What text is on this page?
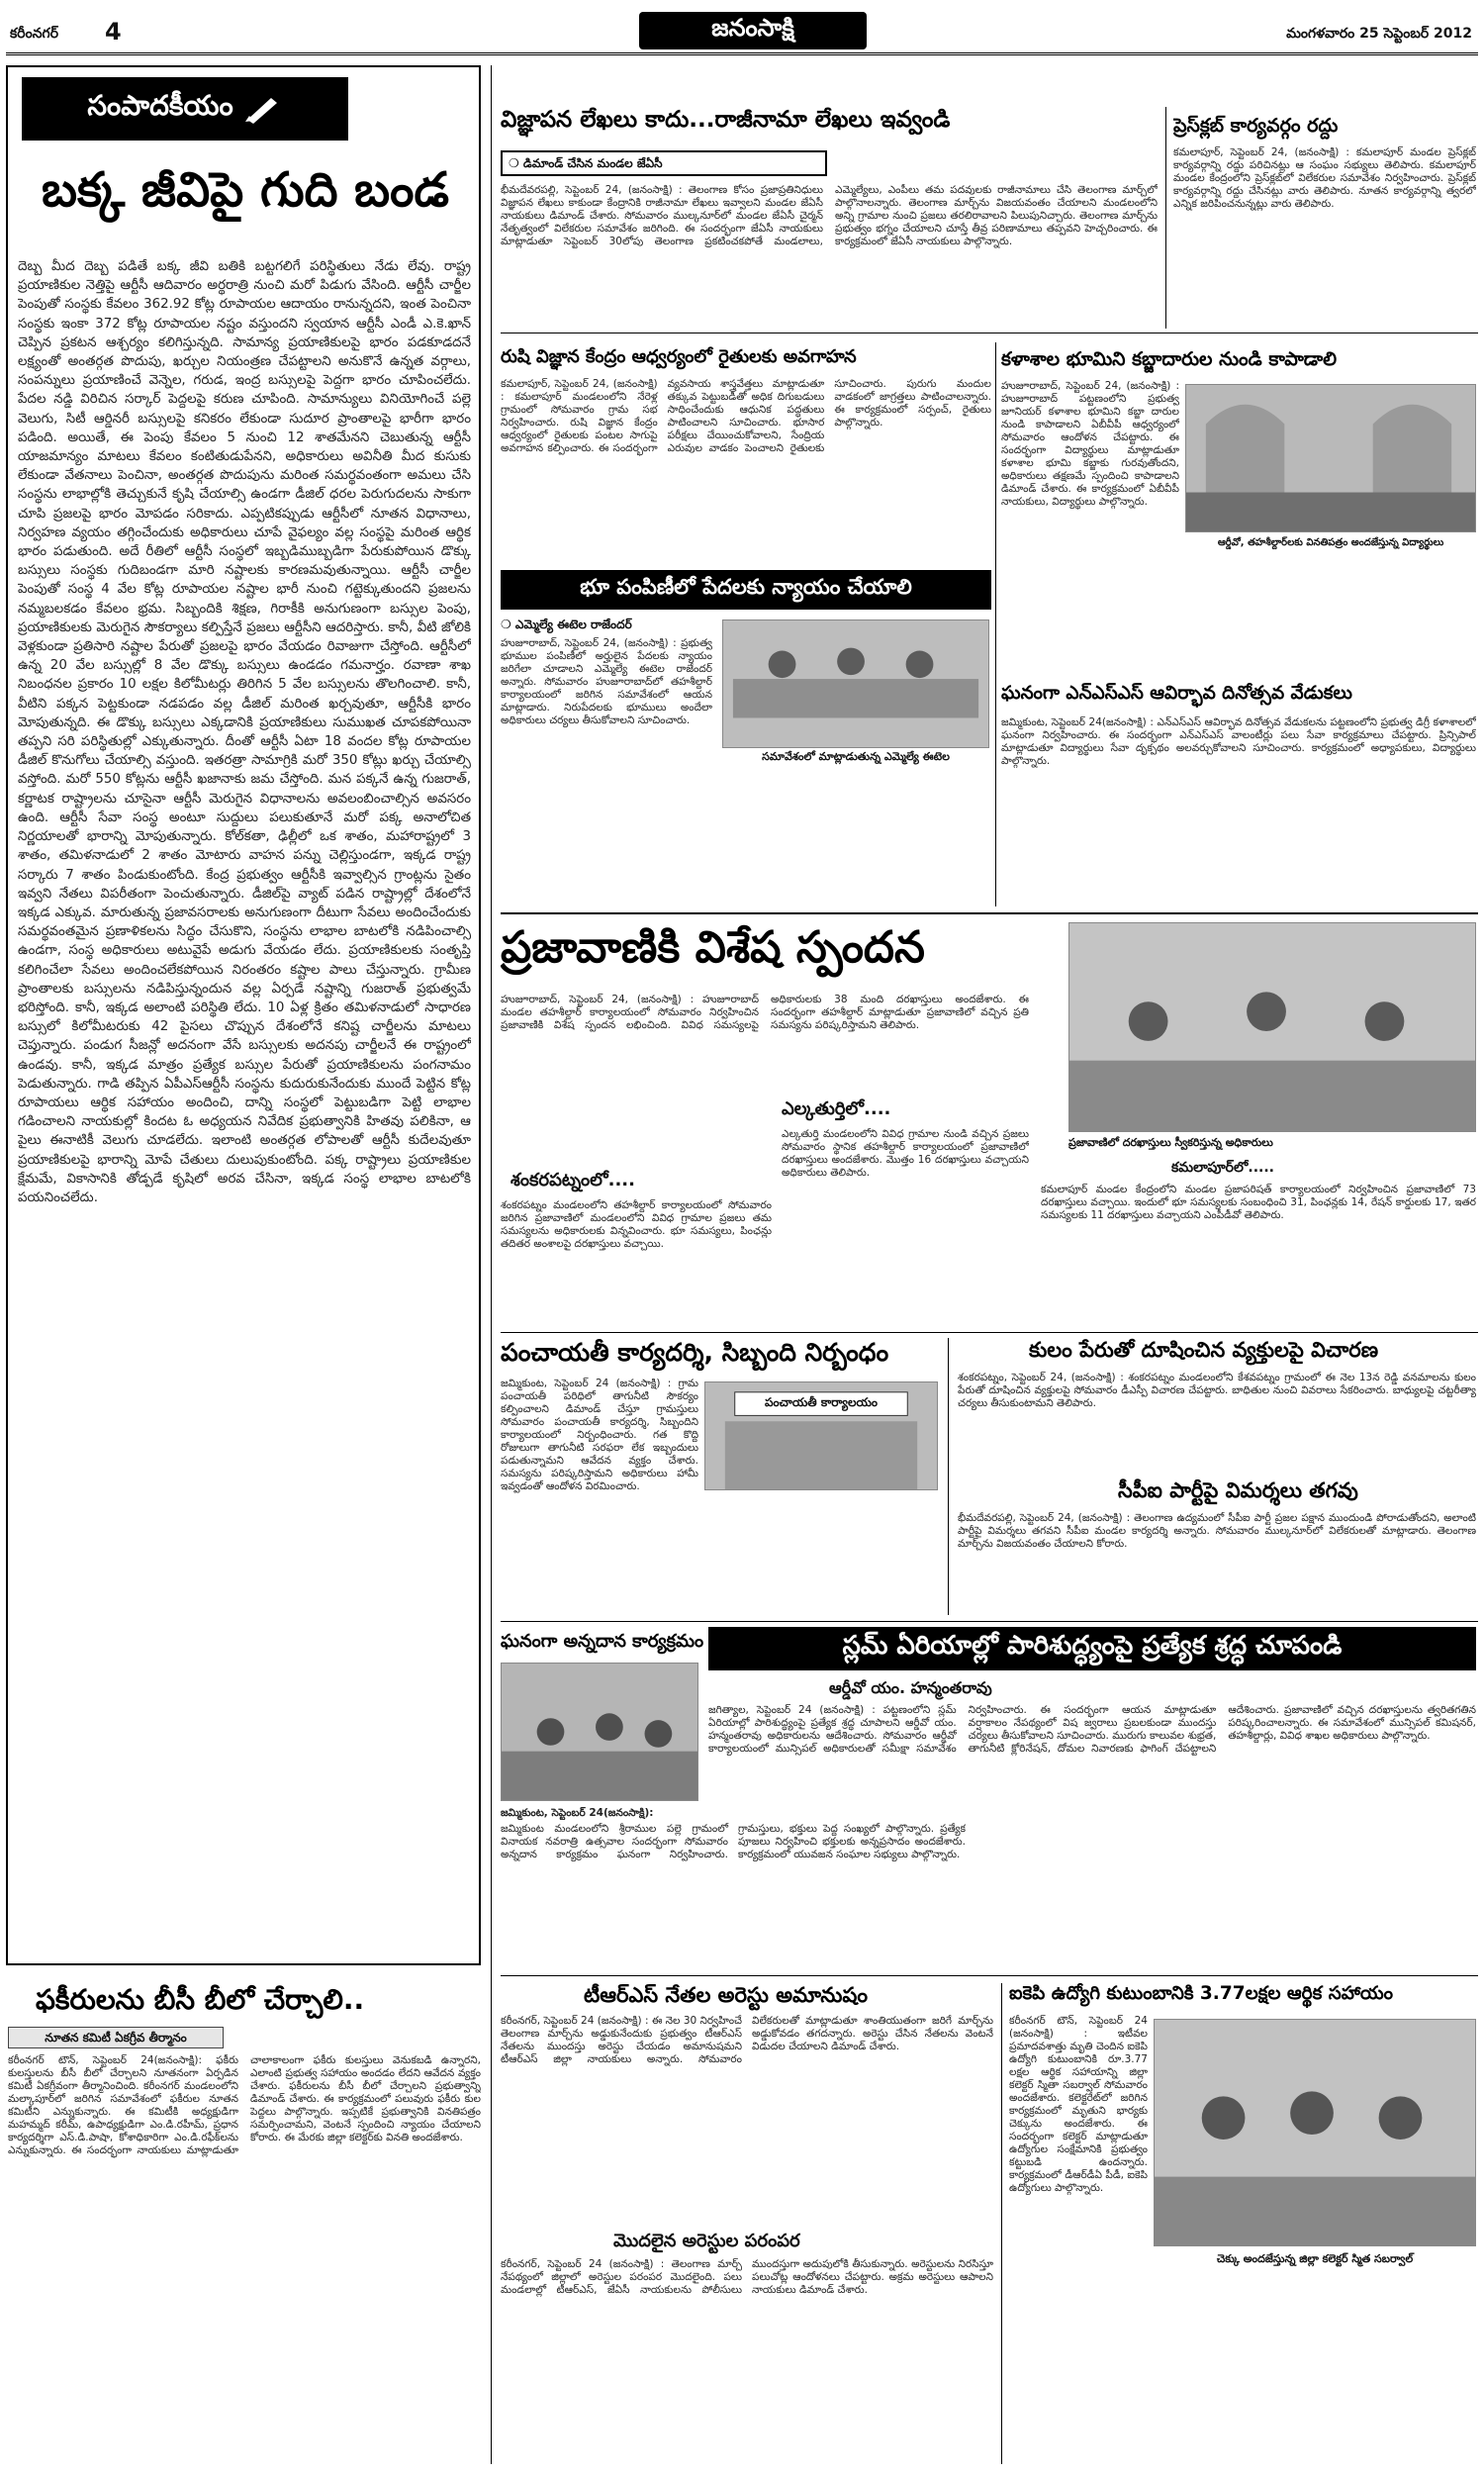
కరీంనగర్ 4	జనంసాక్షి	మంగళవారం 25 సెప్టెంబర్ 2012
సంపాదకీయం
బక్క జీవిపై గుది బండ
దెబ్బ మీద దెబ్బ పడితే బక్క జీవి బతికి బట్టగలిగే పరిస్థితులు నేడు లేవు. రాష్ట్ర ప్రయాణికుల నెత్తిపై ఆర్టీసీ ఆదివారం అర్థరాత్రి నుంచి మరో పిడుగు వేసింది. ఆర్టీసీ చార్జీల పెంపుతో సంస్థకు కేవలం 362.92 కోట్ల రూపాయల ఆదాయం రానున్నదని, ఇంత పెంచినా సంస్థకు ఇంకా 372 కోట్ల రూపాయల నష్టం వస్తుందని స్వయాన ఆర్టీసీ ఎండీ ఎ.కె.ఖాన్ చెప్పిన ప్రకటన ఆశ్చర్యం కలిగిస్తున్నది. సామాన్య ప్రయాణికులపై భారం పడకూడదనే లక్ష్యంతో అంతర్గత పొదుపు, ఖర్చుల నియంత్రణ చేపట్టాలని అనుకొనే ఉన్నత వర్గాలు, సంపన్నులు ప్రయాణించే వెన్నెల, గరుడ, ఇంద్ర బస్సులపై పెద్దగా భారం చూపించలేదు. పేదల నడ్డి విరిచిన సర్కార్ పెద్దలపై కరుణ చూపింది. సామాన్యులు వినియోగించే పల్లె వెలుగు, సిటీ ఆర్డినరీ బస్సులపై కనికరం లేకుండా సుదూర ప్రాంతాలపై భారీగా భారం పడింది. అయితే, ఈ పెంపు కేవలం 5 నుంచి 12 శాతమేనని చెబుతున్న ఆర్టీసీ యాజమాన్యం మాటలు కేవలం కంటితుడుపేనని, అధికారులు అవినీతి మీద కుసుకు లేకుండా వేతనాలు పెంచినా, అంతర్గత పొదుపును మరింత సమర్థవంతంగా అమలు చేసి సంస్థను లాభాల్లోకి తెచ్చుకునే కృషి చేయాల్సి ఉండగా డీజిల్ ధరల పెరుగుదలను సాకుగా చూపి ప్రజలపై భారం మోపడం సరికాదు. ఎప్పటికప్పుడు ఆర్టీసీలో నూతన విధానాలు, నిర్వహణ వ్యయం తగ్గించేందుకు అధికారులు చూపే వైఫల్యం వల్ల సంస్థపై మరింత ఆర్థిక భారం పడుతుంది. అదే రీతిలో ఆర్టీసీ సంస్థలో ఇబ్బడిముబ్బడిగా పేరుకుపోయిన డొక్కు బస్సులు సంస్థకు గుదిబండగా మారి నష్టాలకు కారణమవుతున్నాయి. ఆర్టీసీ చార్జీల పెంపుతో సంస్థ 4 వేల కోట్ల రూపాయల నష్టాల భారీ నుంచి గట్టెక్కుతుందని ప్రజలను నమ్మబలకడం కేవలం భ్రమ. సిబ్బందికి శిక్షణ, గిరాకీకి అనుగుణంగా బస్సుల పెంపు, ప్రయాణికులకు మెరుగైన సౌకర్యాలు కల్పిస్తేనే ప్రజలు ఆర్టీసీని ఆదరిస్తారు. కానీ, వీటి జోలికి వెళ్లకుండా ప్రతిసారి నష్టాల పేరుతో ప్రజలపై భారం వేయడం రివాజుగా చేస్తోంది. ఆర్టీసీలో ఉన్న 20 వేల బస్సుల్లో 8 వేల డొక్కు బస్సులు ఉండడం గమనార్హం. రవాణా శాఖ నిబంధనల ప్రకారం 10 లక్షల కిలోమీటర్లు తిరిగిన 5 వేల బస్సులను తొలగించాలి. కానీ, వీటిని పక్కన పెట్టకుండా నడపడం వల్ల డీజిల్ మరింత ఖర్చవుతూ, ఆర్టీసీకి భారం మోపుతున్నది. ఈ డొక్కు బస్సులు ఎక్కడానికి ప్రయాణికులు సుముఖత చూపకపోయినా తప్పని సరి పరిస్థితుల్లో ఎక్కుతున్నారు. దీంతో ఆర్టీసీ ఏటా 18 వందల కోట్ల రూపాయల డీజిల్ కొనుగోలు చేయాల్సి వస్తుంది. ఇతరత్రా సామాగ్రికి మరో 350 కోట్లు ఖర్చు చేయాల్సి వస్తోంది. మరో 550 కోట్లను ఆర్టీసీ ఖజానాకు జమ చేస్తోంది. మన పక్కనే ఉన్న గుజరాత్, కర్ణాటక రాష్ట్రాలను చూసైనా ఆర్టీసీ మెరుగైన విధానాలను అవలంబించాల్సిన అవసరం ఉంది. ఆర్టీసీ సేవా సంస్థ అంటూ సుద్దులు పలుకుతూనే మరో పక్క అనాలోచిత నిర్ణయాలతో భారాన్ని మోపుతున్నారు. కోల్‌కతా, ఢిల్లీలో ఒక శాతం, మహారాష్ట్రలో 3 శాతం, తమిళనాడులో 2 శాతం మోటారు వాహన పన్ను చెల్లిస్తుండగా, ఇక్కడ రాష్ట్ర సర్కారు 7 శాతం పిండుకుంటోంది. కేంద్ర ప్రభుత్వం ఆర్టీసీకి ఇవ్వాల్సిన గ్రాంట్లను సైతం ఇవ్వని నేతలు విపరీతంగా పెంచుతున్నారు. డీజిల్‌పై వ్యాట్ పడిన రాష్ట్రాల్లో దేశంలోనే ఇక్కడ ఎక్కువ. మారుతున్న ప్రజావసరాలకు అనుగుణంగా దీటుగా సేవలు అందించేందుకు సమర్థవంతమైన ప్రణాళికలను సిద్ధం చేసుకొని, సంస్థను లాభాల బాటలోకి నడిపించాల్సి ఉండగా, సంస్థ అధికారులు అటువైపే అడుగు వేయడం లేదు. ప్రయాణికులకు సంతృప్తి కలిగించేలా సేవలు అందించలేకపోయిన నిరంతరం కష్టాల పాలు చేస్తున్నారు. గ్రామీణ ప్రాంతాలకు బస్సులను నడిపిస్తున్నందున వల్ల ఏర్పడే నష్టాన్ని గుజరాత్ ప్రభుత్వమే భరిస్తోంది. కానీ, ఇక్కడ అలాంటి పరిస్థితి లేదు. 10 ఏళ్ల క్రితం తమిళనాడులో సాధారణ బస్సులో కిలోమీటరుకు 42 పైసలు చొప్పున దేశంలోనే కనిష్ట చార్జీలను మాటలు చెప్తున్నారు. పండుగ సీజన్లో అదనంగా వేసే బస్సులకు అదనపు చార్జీలనే ఈ రాష్ట్రంలో ఉండవు. కానీ, ఇక్కడ మాత్రం ప్రత్యేక బస్సుల పేరుతో ప్రయాణికులను పంగనామం పెడుతున్నారు. గాడి తప్పిన ఏపీఎస్ఆర్టీసీ సంస్థను కుదురుకునేందుకు ముందే పెట్టిన కోట్ల రూపాయలు ఆర్థిక సహాయం అందించి, దాన్ని సంస్థలో పెట్టుబడిగా పెట్టి లాభాల గడించాలని నాయకుల్లో కిందట ఓ అధ్యయన నివేదిక ప్రభుత్వానికి హితవు పలికినా, ఆ పైలు ఈనాటికీ వెలుగు చూడలేదు. ఇలాంటి అంతర్గత లోపాలతో ఆర్టీసీ కుదేలవుతూ ప్రయాణికులపై భారాన్ని మోపే చేతులు దులుపుకుంటోంది. పక్క రాష్ట్రాలు ప్రయాణికుల క్షేమమే, వికాసానికి తోడ్పడే కృషిలో అరవ చేసినా, ఇక్కడ సంస్థ లాభాల బాటలోకి పయనించలేదు.
ఫకీరులను బీసీ బీలో చేర్చాలి..
నూతన కమిటీ ఏకగ్రీవ తీర్మానం
కరీంనగర్ టౌన్, సెప్టెంబర్ 24(జనంసాక్షి): ఫకీరు కులస్తులను బీసీ బీలో చేర్చాలని నూతనంగా ఏర్పడిన కమిటీ ఏకగ్రీవంగా తీర్మానించింది. కరీంనగర్ మండలంలోని మల్కాపూర్‌లో జరిగిన సమావేశంలో ఫకీరుల నూతన కమిటీని ఎన్నుకున్నారు. ఈ కమిటీకి అధ్యక్షుడిగా మహమ్మద్ కరీమ్, ఉపాధ్యక్షుడిగా ఎం.డి.రహీమ్, ప్రధాన కార్యదర్శిగా ఎస్.డి.పాషా, కోశాధికారిగా ఎం.డి.రఫీక్‌లను ఎన్నుకున్నారు. ఈ సందర్భంగా నాయకులు మాట్లాడుతూ చాలాకాలంగా ఫకీరు కులస్తులు వెనుకబడి ఉన్నారని, ఎలాంటి ప్రభుత్వ సహాయం అందడం లేదని ఆవేదన వ్యక్తం చేశారు. ఫకీరులను బీసీ బీలో చేర్చాలని ప్రభుత్వాన్ని డిమాండ్ చేశారు. ఈ కార్యక్రమంలో పలువురు ఫకీరు కుల పెద్దలు పాల్గొన్నారు. ఇప్పటికే ప్రభుత్వానికి వినతిపత్రం సమర్పించామని, వెంటనే స్పందించి న్యాయం చేయాలని కోరారు. ఈ మేరకు జిల్లా కలెక్టర్‌కు వినతి అందజేశారు.
విజ్ఞాపన లేఖలు కాదు...రాజీనామా లేఖలు ఇవ్వండి
❍ డిమాండ్ చేసిన మండల జేఏసీ
భీమదేవరపల్లి, సెప్టెంబర్ 24, (జనంసాక్షి) : తెలంగాణ కోసం ప్రజాప్రతినిధులు విజ్ఞాపన లేఖలు కాకుండా కేంద్రానికి రాజీనామా లేఖలు ఇవ్వాలని మండల జేఏసీ నాయకులు డిమాండ్ చేశారు. సోమవారం ముల్కనూర్‌లో మండల జేఏసీ చైర్మన్ నేతృత్వంలో విలేకరుల సమావేశం జరిగింది. ఈ సందర్భంగా జేఏసీ నాయకులు మాట్లాడుతూ సెప్టెంబర్ 30లోపు తెలంగాణ ప్రకటించకపోతే మండలాలు, ఎమ్మెల్యేలు, ఎంపీలు తమ పదవులకు రాజీనామాలు చేసి తెలంగాణ మార్చ్‌లో పాల్గొనాలన్నారు. తెలంగాణ మార్చ్‌ను విజయవంతం చేయాలని మండలంలోని అన్ని గ్రామాల నుంచి ప్రజలు తరలిరావాలని పిలుపునిచ్చారు. తెలంగాణ మార్చ్‌ను ప్రభుత్వం భగ్నం చేయాలని చూస్తే తీవ్ర పరిణామాలు తప్పవని హెచ్చరించారు. ఈ కార్యక్రమంలో జేఏసీ నాయకులు పాల్గొన్నారు.
ప్రెస్‌క్లబ్ కార్యవర్గం రద్దు
కమలాపూర్, సెప్టెంబర్ 24, (జనంసాక్షి) : కమలాపూర్ మండల ప్రెస్‌క్లబ్ కార్యవర్గాన్ని రద్దు పరిచినట్లు ఆ సంఘం సభ్యులు తెలిపారు. కమలాపూర్ మండల కేంద్రంలోని ప్రెస్‌క్లబ్‌లో విలేకరుల సమావేశం నిర్వహించారు. ప్రెస్‌క్లబ్ కార్యవర్గాన్ని రద్దు చేసినట్లు వారు తెలిపారు. నూతన కార్యవర్గాన్ని త్వరలో ఎన్నిక జరిపించనున్నట్లు వారు తెలిపారు.
రుషి విజ్ఞాన కేంద్రం ఆధ్వర్యంలో రైతులకు అవగాహన
కమలాపూర్, సెప్టెంబర్ 24, (జనంసాక్షి) : కమలాపూర్ మండలంలోని నేరెళ్ల గ్రామంలో సోమవారం గ్రామ సభ నిర్వహించారు. రుషి విజ్ఞాన కేంద్రం ఆధ్వర్యంలో రైతులకు పంటల సాగుపై అవగాహన కల్పించారు. ఈ సందర్భంగా వ్యవసాయ శాస్త్రవేత్తలు మాట్లాడుతూ తక్కువ పెట్టుబడితో అధిక దిగుబడులు సాధించేందుకు ఆధునిక పద్ధతులు పాటించాలని సూచించారు. భూసార పరీక్షలు చేయించుకోవాలని, సేంద్రియ ఎరువుల వాడకం పెంచాలని రైతులకు సూచించారు. పురుగు మందుల వాడకంలో జాగ్రత్తలు పాటించాలన్నారు. ఈ కార్యక్రమంలో సర్పంచ్, రైతులు పాల్గొన్నారు.
భూ పంపిణీలో పేదలకు న్యాయం చేయాలి
❍ ఎమ్మెల్యే ఈటెల రాజేందర్
హుజూరాబాద్, సెప్టెంబర్ 24, (జనంసాక్షి) : ప్రభుత్వ భూముల పంపిణీలో అర్హులైన పేదలకు న్యాయం జరిగేలా చూడాలని ఎమ్మెల్యే ఈటెల రాజేందర్ అన్నారు. సోమవారం హుజూరాబాద్‌లో తహశీల్దార్ కార్యాలయంలో జరిగిన సమావేశంలో ఆయన మాట్లాడారు. నిరుపేదలకు భూములు అందేలా అధికారులు చర్యలు తీసుకోవాలని సూచించారు.
సమావేశంలో మాట్లాడుతున్న ఎమ్మెల్యే ఈటెల
కళాశాల భూమిని కబ్జాదారుల నుండి కాపాడాలి
హుజూరాబాద్, సెప్టెంబర్ 24, (జనంసాక్షి) : హుజూరాబాద్ పట్టణంలోని ప్రభుత్వ జూనియర్ కళాశాల భూమిని కబ్జా దారుల నుండి కాపాడాలని ఏబీవీపీ ఆధ్వర్యంలో సోమవారం ఆందోళన చేపట్టారు. ఈ సందర్భంగా విద్యార్థులు మాట్లాడుతూ కళాశాల భూమి కబ్జాకు గురవుతోందని, అధికారులు తక్షణమే స్పందించి కాపాడాలని డిమాండ్ చేశారు. ఈ కార్యక్రమంలో ఏబీవీపీ నాయకులు, విద్యార్థులు పాల్గొన్నారు.
ఆర్డీవో, తహశీల్దార్‌లకు వినతిపత్రం అందజేస్తున్న విద్యార్థులు
ఘనంగా ఎన్‌ఎస్‌ఎస్ ఆవిర్భావ దినోత్సవ వేడుకలు
జమ్మికుంట, సెప్టెంబర్ 24(జనంసాక్షి) : ఎన్‌ఎస్‌ఎస్ ఆవిర్భావ దినోత్సవ వేడుకలను పట్టణంలోని ప్రభుత్వ డిగ్రీ కళాశాలలో ఘనంగా నిర్వహించారు. ఈ సందర్భంగా ఎన్‌ఎస్‌ఎస్ వాలంటీర్లు పలు సేవా కార్యక్రమాలు చేపట్టారు. ప్రిన్సిపాల్ మాట్లాడుతూ విద్యార్థులు సేవా దృక్పథం అలవర్చుకోవాలని సూచించారు. కార్యక్రమంలో అధ్యాపకులు, విద్యార్థులు పాల్గొన్నారు.
ప్రజావాణికి విశేష స్పందన
హుజూరాబాద్, సెప్టెంబర్ 24, (జనంసాక్షి) : హుజూరాబాద్ మండల తహశీల్దార్ కార్యాలయంలో సోమవారం నిర్వహించిన ప్రజావాణికి విశేష స్పందన లభించింది. వివిధ సమస్యలపై అధికారులకు 38 మంది దరఖాస్తులు అందజేశారు. ఈ సందర్భంగా తహశీల్దార్ మాట్లాడుతూ ప్రజావాణిలో వచ్చిన ప్రతి సమస్యను పరిష్కరిస్తామని తెలిపారు.
ఎల్కతుర్తిలో....
ఎల్కతుర్తి మండలంలోని వివిధ గ్రామాల నుండి వచ్చిన ప్రజలు సోమవారం స్థానిక తహశీల్దార్ కార్యాలయంలో ప్రజావాణిలో దరఖాస్తులు అందజేశారు. మొత్తం 16 దరఖాస్తులు వచ్చాయని అధికారులు తెలిపారు.
శంకరపట్నంలో....
శంకరపట్నం మండలంలోని తహశీల్దార్ కార్యాలయంలో సోమవారం జరిగిన ప్రజావాణిలో మండలంలోని వివిధ గ్రామాల ప్రజలు తమ సమస్యలను అధికారులకు విన్నవించారు. భూ సమస్యలు, పింఛన్లు తదితర అంశాలపై దరఖాస్తులు వచ్చాయి.
ప్రజావాణిలో దరఖాస్తులు స్వీకరిస్తున్న అధికారులు
కమలాపూర్‌లో.....
కమలాపూర్ మండల కేంద్రంలోని మండల ప్రజాపరిషత్ కార్యాలయంలో నిర్వహించిన ప్రజావాణిలో 73 దరఖాస్తులు వచ్చాయి. ఇందులో భూ సమస్యలకు సంబంధించి 31, పింఛన్లకు 14, రేషన్ కార్డులకు 17, ఇతర సమస్యలకు 11 దరఖాస్తులు వచ్చాయని ఎంపీడీవో తెలిపారు.
పంచాయతీ కార్యదర్శి, సిబ్బంది నిర్బంధం
జమ్మికుంట, సెప్టెంబర్ 24 (జనంసాక్షి) : గ్రామ పంచాయతీ పరిధిలో తాగునీటి సౌకర్యం కల్పించాలని డిమాండ్ చేస్తూ గ్రామస్తులు సోమవారం పంచాయతీ కార్యదర్శి, సిబ్బందిని కార్యాలయంలో నిర్బంధించారు. గత కొద్ది రోజులుగా తాగునీటి సరఫరా లేక ఇబ్బందులు పడుతున్నామని ఆవేదన వ్యక్తం చేశారు. సమస్యను పరిష్కరిస్తామని అధికారులు హామీ ఇవ్వడంతో ఆందోళన విరమించారు.
పంచాయతీ కార్యాలయం
కులం పేరుతో దూషించిన వ్యక్తులపై విచారణ
శంకరపట్నం, సెప్టెంబర్ 24, (జనంసాక్షి) : శంకరపట్నం మండలంలోని కేశవపట్నం గ్రామంలో ఈ నెల 13న రెడ్డి వనమాలను కులం పేరుతో దూషించిన వ్యక్తులపై సోమవారం డీఎస్పీ విచారణ చేపట్టారు. బాధితుల నుంచి వివరాలు సేకరించారు. బాధ్యులపై చట్టరీత్యా చర్యలు తీసుకుంటామని తెలిపారు.
సీపీఐ పార్టీపై విమర్శలు తగవు
భీమదేవరపల్లి, సెప్టెంబర్ 24, (జనంసాక్షి) : తెలంగాణ ఉద్యమంలో సీపీఐ పార్టీ ప్రజల పక్షాన ముందుండి పోరాడుతోందని, అలాంటి పార్టీపై విమర్శలు తగవని సీపీఐ మండల కార్యదర్శి అన్నారు. సోమవారం ముల్కనూర్‌లో విలేకరులతో మాట్లాడారు. తెలంగాణ మార్చ్‌ను విజయవంతం చేయాలని కోరారు.
ఘనంగా అన్నదాన కార్యక్రమం
జమ్మికుంట, సెప్టెంబర్ 24(జనంసాక్షి):
జమ్మికుంట మండలంలోని శ్రీరాముల పల్లె గ్రామంలో వినాయక నవరాత్రి ఉత్సవాల సందర్భంగా సోమవారం అన్నదాన కార్యక్రమం ఘనంగా నిర్వహించారు. గ్రామస్తులు, భక్తులు పెద్ద సంఖ్యలో పాల్గొన్నారు. ప్రత్యేక పూజలు నిర్వహించి భక్తులకు అన్నప్రసాదం అందజేశారు. కార్యక్రమంలో యువజన సంఘాల సభ్యులు పాల్గొన్నారు.
స్లమ్ ఏరియాల్లో పారిశుద్ధ్యంపై ప్రత్యేక శ్రద్ధ చూపండి
ఆర్డీవో యం. హన్మంతరావు
జగిత్యాల, సెప్టెంబర్ 24 (జనంసాక్షి) : పట్టణంలోని స్లమ్ ఏరియాల్లో పారిశుద్ధ్యంపై ప్రత్యేక శ్రద్ధ చూపాలని ఆర్డీవో యం. హన్మంతరావు అధికారులను ఆదేశించారు. సోమవారం ఆర్డీవో కార్యాలయంలో మున్సిపల్ అధికారులతో సమీక్షా సమావేశం నిర్వహించారు. ఈ సందర్భంగా ఆయన మాట్లాడుతూ వర్షాకాలం నేపథ్యంలో విష జ్వరాలు ప్రబలకుండా ముందస్తు చర్యలు తీసుకోవాలని సూచించారు. మురుగు కాలువల శుభ్రత, తాగునీటి క్లోరినేషన్, దోమల నివారణకు ఫాగింగ్ చేపట్టాలని ఆదేశించారు. ప్రజావాణిలో వచ్చిన దరఖాస్తులను త్వరితగతిన పరిష్కరించాలన్నారు. ఈ సమావేశంలో మున్సిపల్ కమిషనర్, తహశీల్దార్లు, వివిధ శాఖల అధికారులు పాల్గొన్నారు.
టీఆర్ఎస్ నేతల అరెస్టు అమానుషం
కరీంనగర్, సెప్టెంబర్ 24 (జనంసాక్షి) : ఈ నెల 30 నిర్వహించే తెలంగాణ మార్చ్‌ను అడ్డుకునేందుకు ప్రభుత్వం టీఆర్ఎస్ నేతలను ముందస్తు అరెస్టు చేయడం అమానుషమని టీఆర్ఎస్ జిల్లా నాయకులు అన్నారు. సోమవారం విలేకరులతో మాట్లాడుతూ శాంతియుతంగా జరిగే మార్చ్‌ను అడ్డుకోవడం తగదన్నారు. అరెస్టు చేసిన నేతలను వెంటనే విడుదల చేయాలని డిమాండ్ చేశారు.
మొదలైన అరెస్టుల పరంపర
కరీంనగర్, సెప్టెంబర్ 24 (జనంసాక్షి) : తెలంగాణ మార్చ్ నేపథ్యంలో జిల్లాలో అరెస్టుల పరంపర మొదలైంది. పలు మండలాల్లో టీఆర్ఎస్, జేఏసీ నాయకులను పోలీసులు ముందస్తుగా అదుపులోకి తీసుకున్నారు. అరెస్టులను నిరసిస్తూ పలుచోట్ల ఆందోళనలు చేపట్టారు. అక్రమ అరెస్టులు ఆపాలని నాయకులు డిమాండ్ చేశారు.
ఐకెపి ఉద్యోగి కుటుంబానికి 3.77లక్షల ఆర్థిక సహాయం
కరీంనగర్ టౌన్, సెప్టెంబర్ 24 (జనంసాక్షి) : ఇటీవల ప్రమాదవశాత్తు మృతి చెందిన ఐకెపి ఉద్యోగి కుటుంబానికి రూ.3.77 లక్షల ఆర్థిక సహాయాన్ని జిల్లా కలెక్టర్ స్మితా సబర్వాల్ సోమవారం అందజేశారు. కలెక్టరేట్‌లో జరిగిన కార్యక్రమంలో మృతుని భార్యకు చెక్కును అందజేశారు. ఈ సందర్భంగా కలెక్టర్ మాట్లాడుతూ ఉద్యోగుల సంక్షేమానికి ప్రభుత్వం కట్టుబడి ఉందన్నారు. కార్యక్రమంలో డీఆర్‌డీఏ పీడీ, ఐకెపి ఉద్యోగులు పాల్గొన్నారు.
చెక్కు అందజేస్తున్న జిల్లా కలెక్టర్ స్మిత సబర్వాల్
